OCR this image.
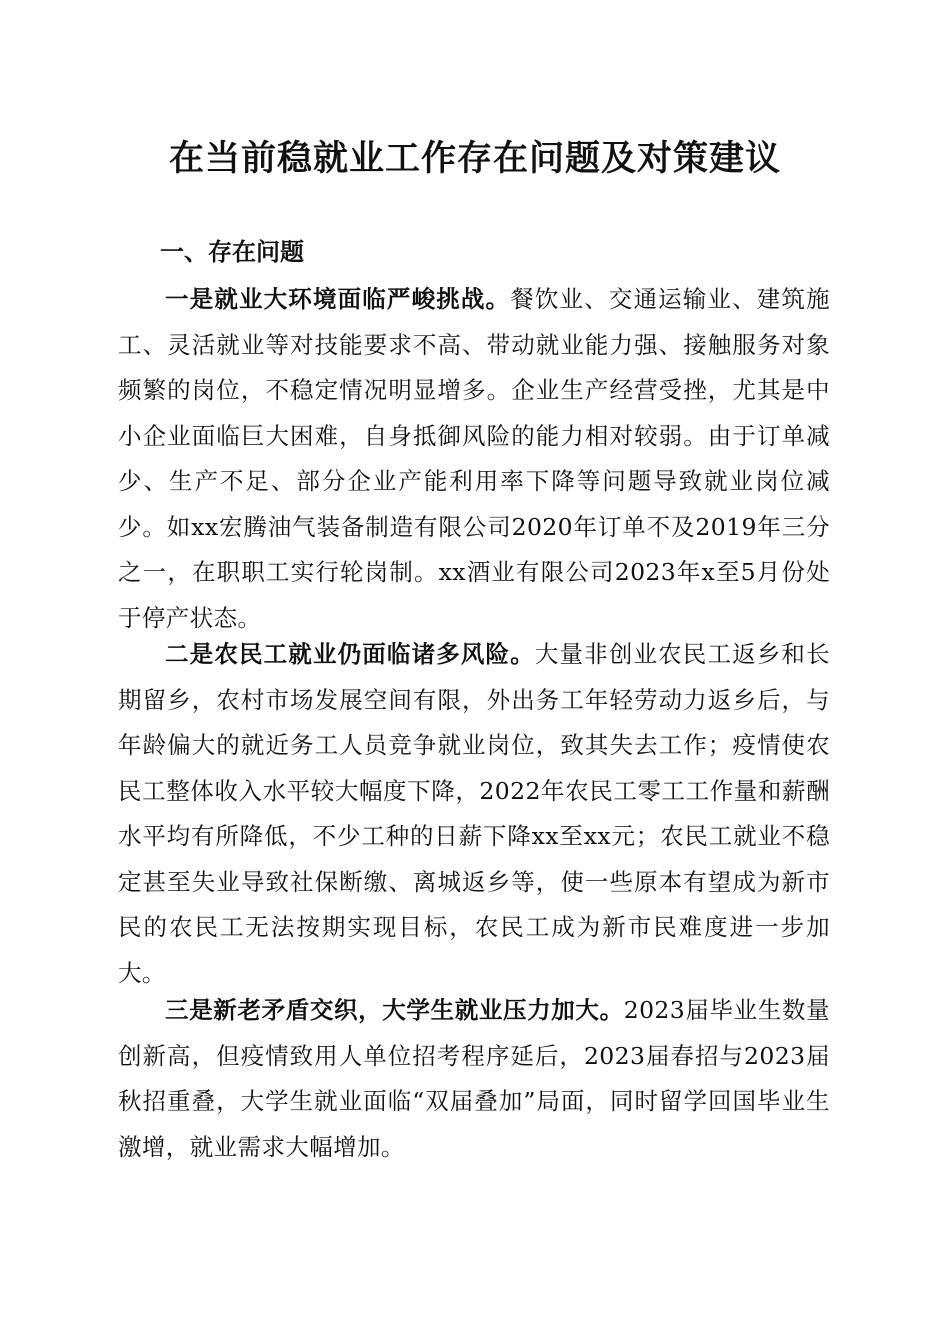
在当前稳就业工作存在问题及对策建议
一、存在问题

一是就业大环境面临严峻挑战。餐饮业、交通运输业、建筑施工、灵活就业等对技能要求不高、带动就业能力强、接触服务对象频繁的岗位，不稳定情况明显增多。企业生产经营受挫，尤其是中小企业面临巨大困难，自身抵御风险的能力相对较弱。由于订单减少、生产不足、部分企业产能利用率下降等问题导致就业岗位减少。如xx宏腾油气装备制造有限公司2020年订单不及2019年三分之一，在职职工实行轮岗制。xx酒业有限公司2023年x至5月份处于停产状态。

二是农民工就业仍面临诸多风险。大量非创业农民工返乡和长期留乡，农村市场发展空间有限，外出务工年轻劳动力返乡后，与年龄偏大的就近务工人员竞争就业岗位，致其失去工作；疫情使农民工整体收入水平较大幅度下降，2022年农民工零工工作量和薪酬水平均有所降低，不少工种的日薪下降xx至xx元；农民工就业不稳定甚至失业导致社保断缴、离城返乡等，使一些原本有望成为新市民的农民工无法按期实现目标，农民工成为新市民难度进一步加大。

三是新老矛盾交织，大学生就业压力加大。2023届毕业生数量创新高，但疫情致用人单位招考程序延后，2023届春招与2023届秋招重叠，大学生就业面临“双届叠加”局面，同时留学回国毕业生激增，就业需求大幅增加。
